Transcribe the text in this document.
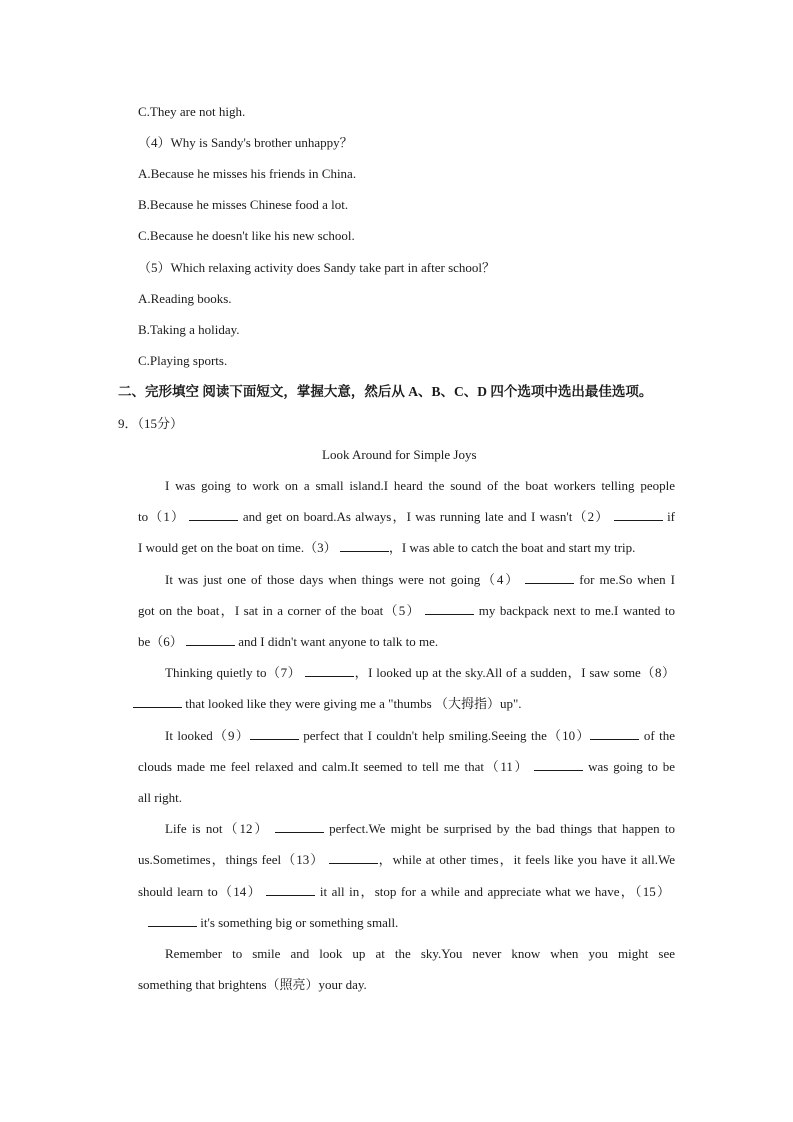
C.They are not high.
（4）Why is Sandy's brother unhappy？
A.Because he misses his friends in China.
B.Because he misses Chinese food a lot.
C.Because he doesn't like his new school.
（5）Which relaxing activity does Sandy take part in after school？
A.Reading books.
B.Taking a holiday.
C.Playing sports.
二、完形填空 阅读下面短文，掌握大意，然后从 A、B、C、D 四个选项中选出最佳选项。
9．（15分）
Look Around for Simple Joys
I was going to work on a small island.I heard the sound of the boat workers telling people
to（1）	and get on board.As always，I was running late and I wasn't（2）	if
I would get on the boat on time.（3）	，I was able to catch the boat and start my trip.
It was just one of those days when things were not going（4）	for me.So when I
got on the boat，I sat in a corner of the boat（5）	my backpack next to me.I wanted to
be（6）	and I didn't want anyone to talk to me.
Thinking quietly to（7）	，I looked up at the sky.All of a sudden，I saw some（8）
that looked like they were giving me a "thumbs （大拇指）up".
It looked（9）	perfect that I couldn't help smiling.Seeing the（10）	of the
clouds made me feel relaxed and calm.It seemed to tell me that（11）	was going to be
all right.
Life is not（12）	perfect.We might be surprised by the bad things that happen to
us.Sometimes，things feel（13）	，while at other times，it feels like you have it all.We
should learn to（14）	it all in，stop for a while and appreciate what we have，（15）
it's something big or something small.
Remember to smile and look up at the sky.You never know when you might see
something that brightens（照亮）your day.
